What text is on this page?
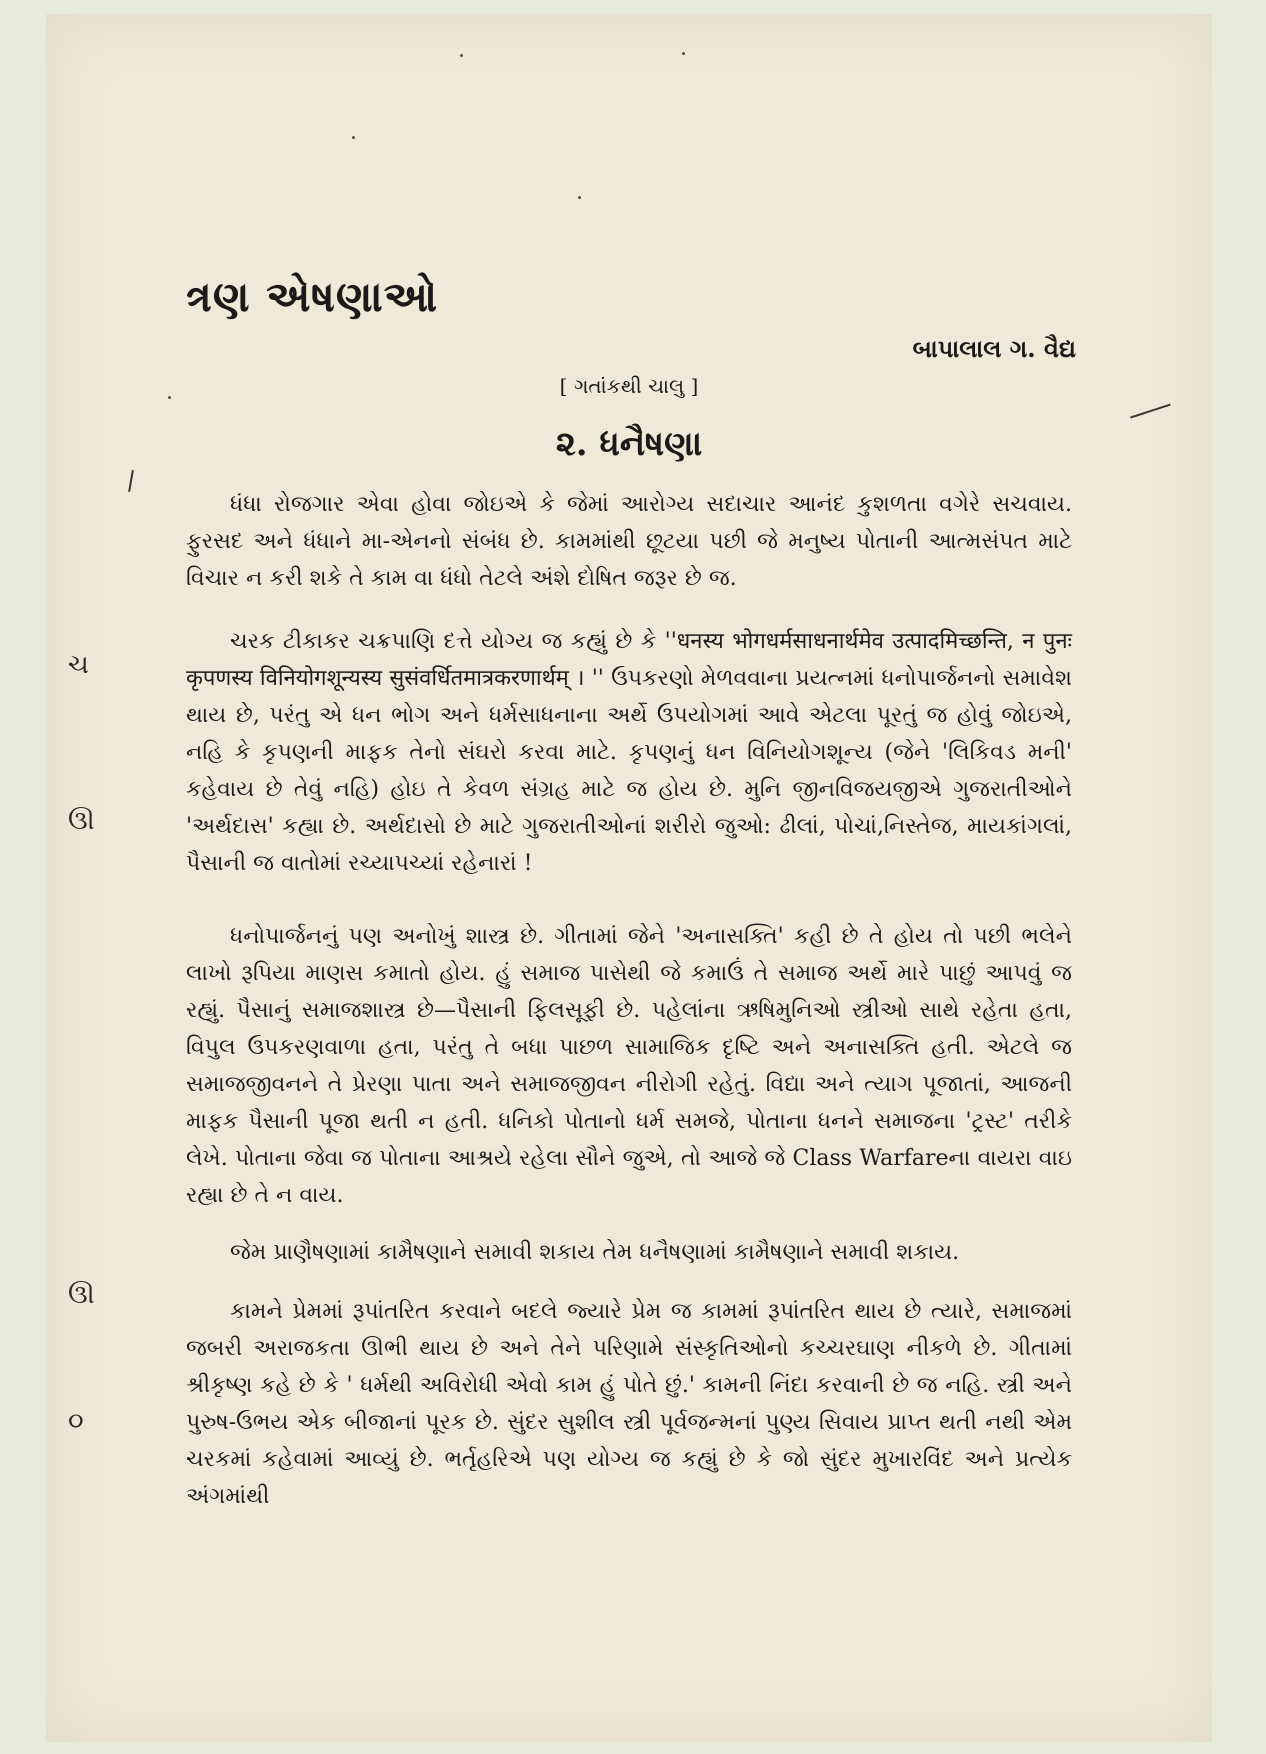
ત્રણ એષણાઓ

બાપાલાલ ગ. વૈદ્ય

[ ગતાંકથી ચાલુ ]

૨. ધનૈષણા

ચ

ઊ

ઊ

૦

ધંધા રોજગાર એવા હોવા જોઇએ કે જેમાં આરોગ્ય સદાચાર આનંદ કુશળતા વગેરે સચવાય. ફુરસદ અને ધંધાને મા-એનનો સંબંધ છે. કામમાંથી છૂટયા પછી જે મનુષ્ય પોતાની આત્મસંપત માટે વિચાર ન કરી શકે તે કામ વા ધંધો તેટલે અંશે દોષિત જરૂર છે જ.

ચરક ટીકાકર ચક્રપાણિ દત્તે યોગ્ય જ કહ્યું છે કે ''धनस्य भोगधर्मसाधनार्थमेव उत्पादमिच्छन्ति, न पुनः कृपणस्य विनियोगशून्यस्य सुसंवर्धितमात्रकरणार्थम् । '' ઉપકરણો મેળવવાના પ્રયત્નમાં ધનોપાર્જનનો સમાવેશ થાય છે, પરંતુ એ ધન ભોગ અને ધર્મસાધનાના અર્થે ઉપયોગમાં આવે એટલા પૂરતું જ હોવું જોઇએ, નહિ કે કૃપણની માફક તેનો સંઘરો કરવા માટે. કૃપણનું ધન વિનિયોગશૂન્ય (જેને 'લિકિવડ મની' કહેવાય છે તેવું નહિ) હોઇ તે કેવળ સંગ્રહ માટે જ હોય છે. મુનિ જીનવિજયજીએ ગુજરાતીઓને 'અર્થદાસ' કહ્યા છે. અર્થદાસો છે માટે ગુજરાતીઓનાં શરીરો જુઓ: ઢીલાં, પોચાં,નિસ્તેજ, માયકાંગલાં, પૈસાની જ વાતોમાં રચ્યાપચ્યાં રહેનારાં !

ધનોપાર્જનનું પણ અનોખું શાસ્ત્ર છે. ગીતામાં જેને 'અનાસક્તિ' કહી છે તે હોય તો પછી ભલેને લાખો રૂપિયા માણસ કમાતો હોય. હું સમાજ પાસેથી જે કમાઉં તે સમાજ અર્થે મારે પાછું આપવું જ રહ્યું. પૈસાનું સમાજશાસ્ત્ર છે—પૈસાની ફિલસૂફી છે. પહેલાંના ઋષિમુનિઓ સ્ત્રીઓ સાથે રહેતા હતા, વિપુલ ઉપકરણવાળા હતા, પરંતુ તે બધા પાછળ સામાજિક દૃષ્ટિ અને અનાસક્તિ હતી. એટલે જ સમાજજીવનને તે પ્રેરણા પાતા અને સમાજજીવન નીરોગી રહેતું. વિદ્યા અને ત્યાગ પૂજાતાં, આજની માફક પૈસાની પૂજા થતી ન હતી. ધનિકો પોતાનો ધર્મ સમજે, પોતાના ધનને સમાજના 'ટ્રસ્ટ' તરીકે લેખે. પોતાના જેવા જ પોતાના આશ્રયે રહેલા સૌને જુએ, તો આજે જે Class Warfareના વાયરા વાઇ રહ્યા છે તે ન વાય.

જેમ પ્રાણૈષણામાં કામૈષણાને સમાવી શકાય તેમ ધનૈષણામાં કામૈષણાને સમાવી શકાય.

કામને પ્રેમમાં રૂપાંતરિત કરવાને બદલે જ્યારે પ્રેમ જ કામમાં રૂપાંતરિત થાય છે ત્યારે, સમાજમાં જબરી અરાજકતા ઊભી થાય છે અને તેને પરિણામે સંસ્કૃતિઓનો કચ્ચરઘાણ નીકળે છે. ગીતામાં શ્રીકૃષ્ણ કહે છે કે ' ધર્મથી અવિરોધી એવો કામ હું પોતે છું.' કામની નિંદા કરવાની છે જ નહિ. સ્ત્રી અને પુરુષ-ઉભય એક બીજાનાં પૂરક છે. સુંદર સુશીલ સ્ત્રી પૂર્વજન્મનાં પુણ્ય સિવાય પ્રાપ્ત થતી નથી એમ ચરકમાં કહેવામાં આવ્યું છે. ભર્તૃહરિએ પણ યોગ્ય જ કહ્યું છે કે જો સુંદર મુખારવિંદ અને પ્રત્યેક અંગમાંથી
